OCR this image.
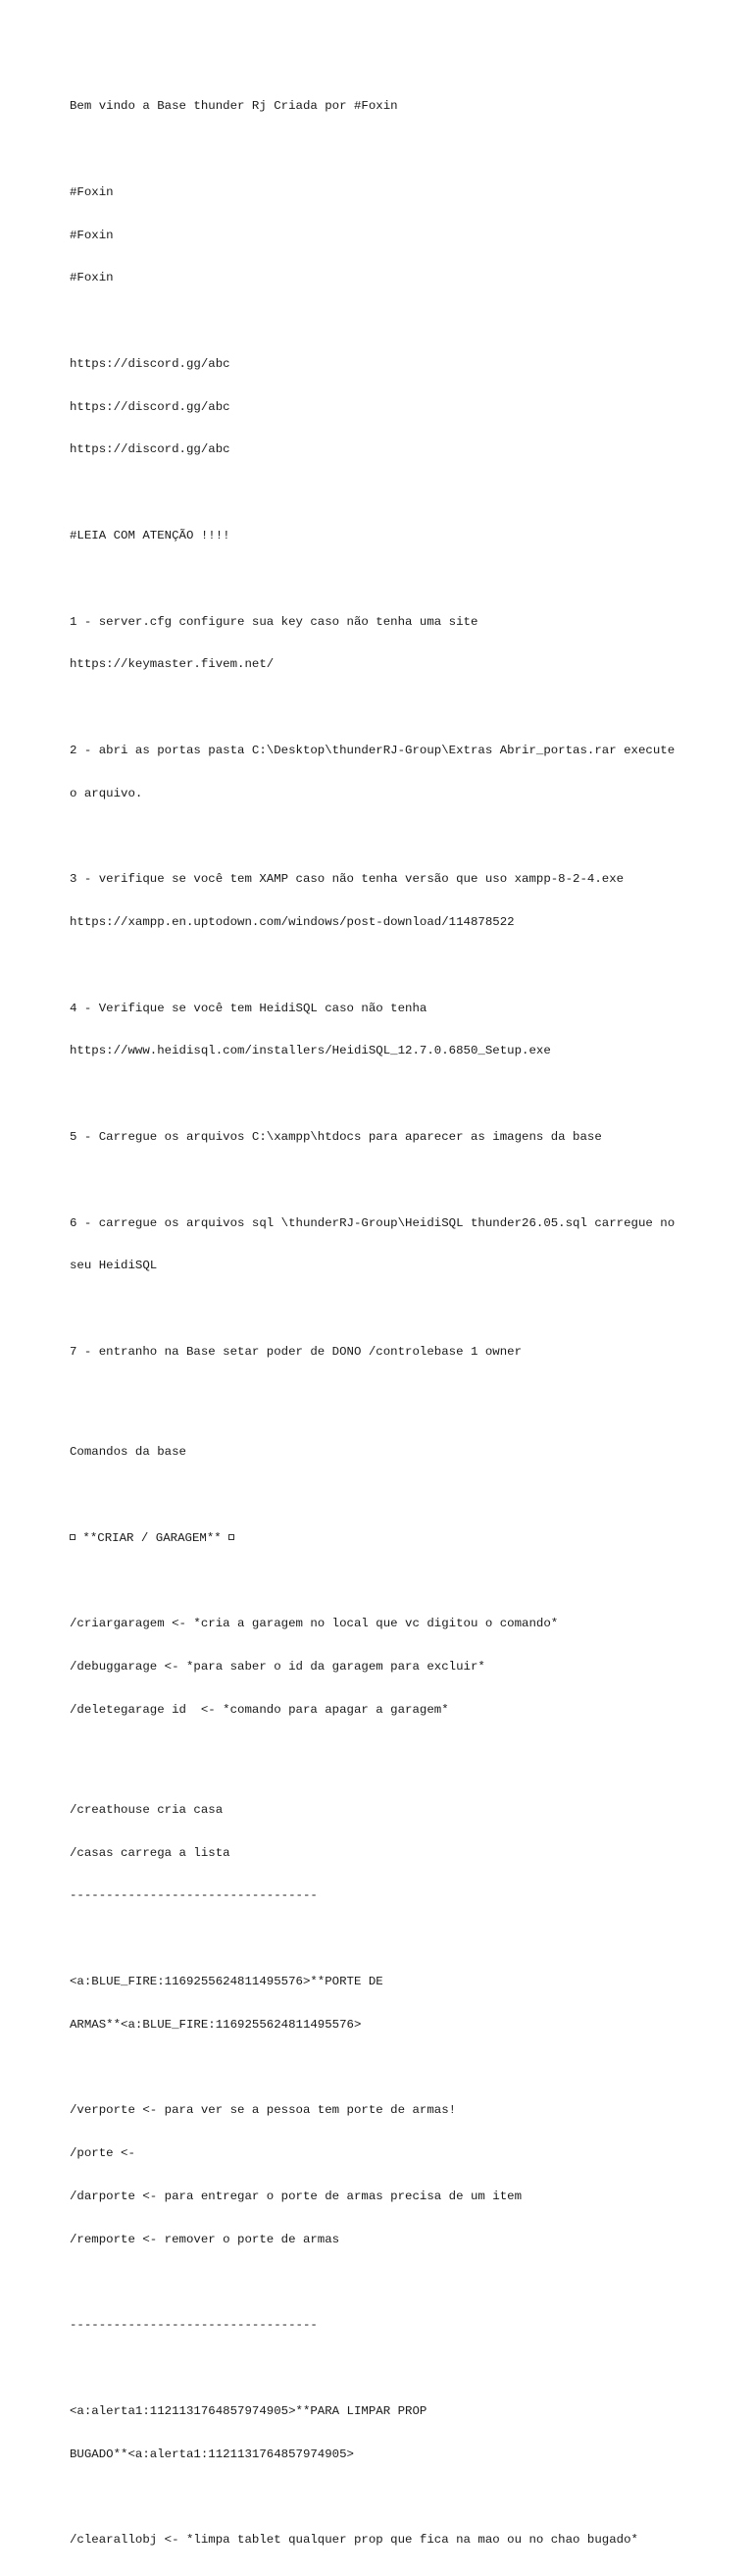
Bem vindo a Base thunder Rj Criada por #Foxin

#Foxin

#Foxin

#Foxin

https://discord.gg/abc

https://discord.gg/abc

https://discord.gg/abc

#LEIA COM ATENÇÃO !!!!

1 - server.cfg configure sua key caso não tenha uma site

https://keymaster.fivem.net/

2 - abri as portas pasta C:\Desktop\thunderRJ-Group\Extras Abrir_portas.rar execute

o arquivo.

3 - verifique se você tem XAMP caso não tenha versão que uso xampp-8-2-4.exe

https://xampp.en.uptodown.com/windows/post-download/114878522

4 - Verifique se você tem HeidiSQL caso não tenha

https://www.heidisql.com/installers/HeidiSQL_12.7.0.6850_Setup.exe

5 - Carregue os arquivos C:\xampp\htdocs para aparecer as imagens da base

6 - carregue os arquivos sql \thunderRJ-Group\HeidiSQL thunder26.05.sql carregue no

seu HeidiSQL

7 - entranho na Base setar poder de DONO /controlebase 1 owner

Comandos da base

**CRIAR / GARAGEM**

/criargaragem <- *cria a garagem no local que vc digitou o comando*

/debuggarage <- *para saber o id da garagem para excluir*

/deletegarage id  <- *comando para apagar a garagem*

/creathouse cria casa

/casas carrega a lista

----------------------------------

<a:BLUE_FIRE:1169255624811495576>**PORTE DE

ARMAS**<a:BLUE_FIRE:1169255624811495576>

/verporte <- para ver se a pessoa tem porte de armas!

/porte <-

/darporte <- para entregar o porte de armas precisa de um item

/remporte <- remover o porte de armas

----------------------------------

<a:alerta1:1121131764857974905>**PARA LIMPAR PROP

BUGADO**<a:alerta1:1121131764857974905>

/clearallobj <- *limpa tablet qualquer prop que fica na mao ou no chao bugado*
